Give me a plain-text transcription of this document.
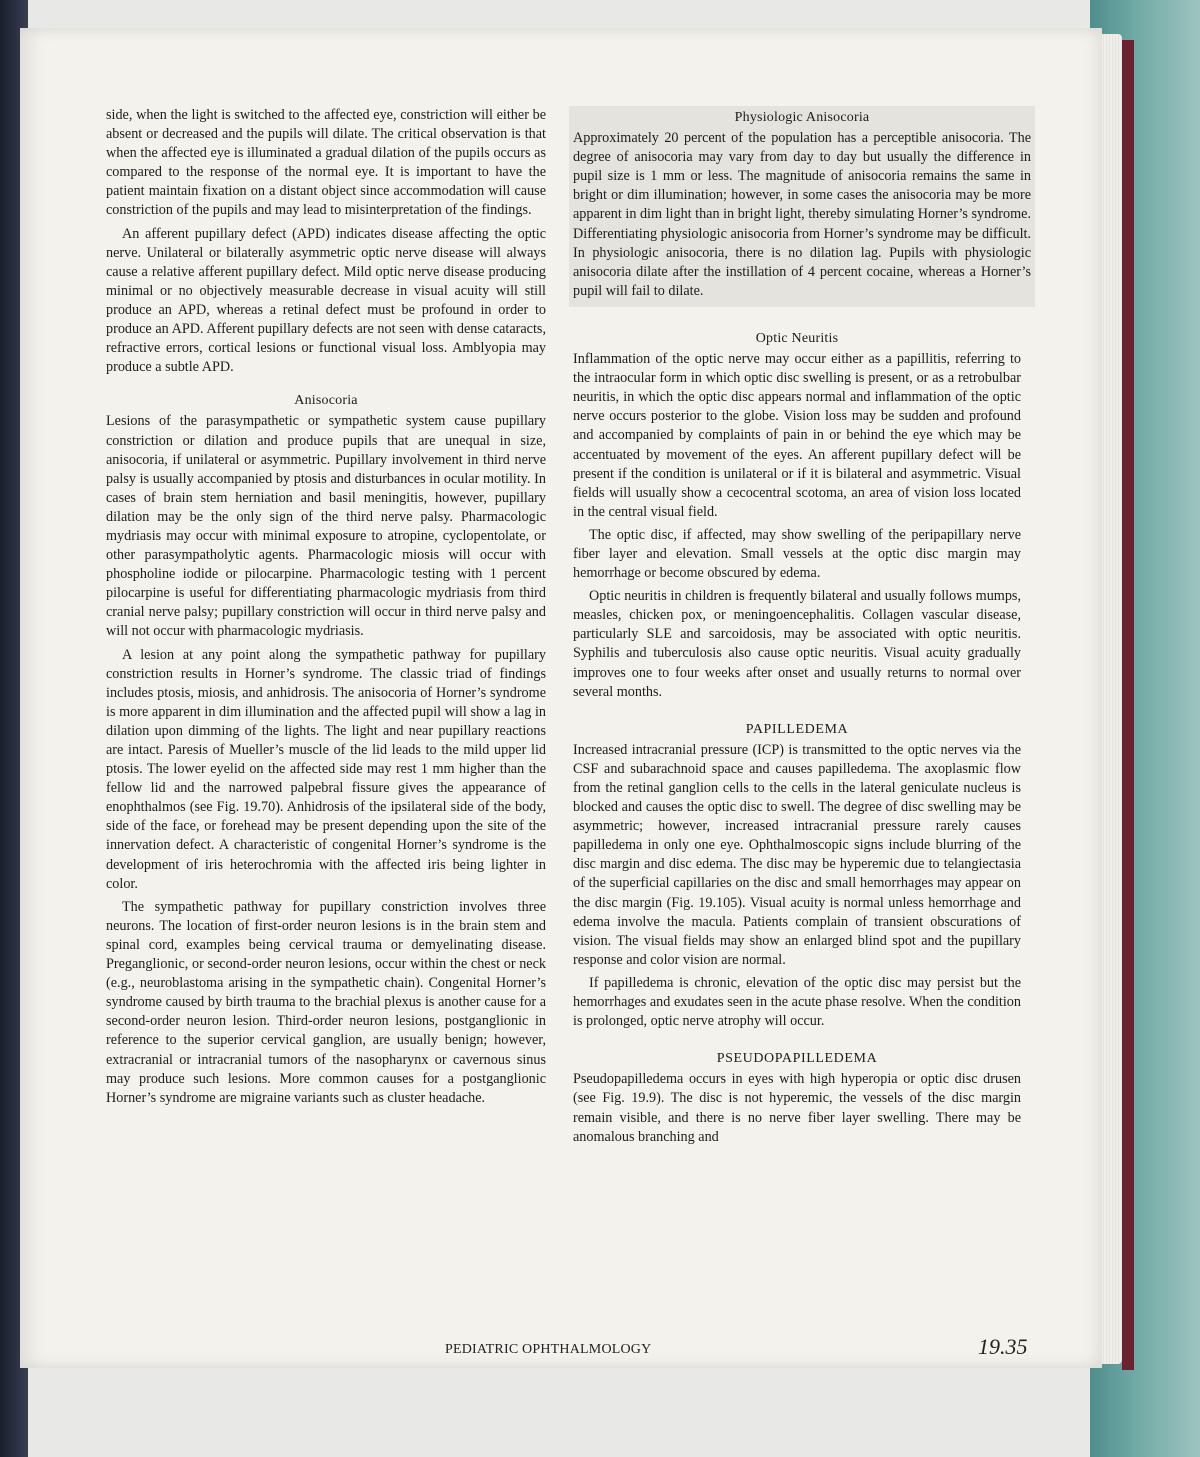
side, when the light is switched to the affected eye, constriction will either be absent or decreased and the pupils will dilate. The critical observation is that when the affected eye is illuminated a gradual dilation of the pupils occurs as compared to the response of the normal eye. It is important to have the patient maintain fixation on a distant object since accommodation will cause constriction of the pupils and may lead to misinterpretation of the findings.

An afferent pupillary defect (APD) indicates disease affecting the optic nerve. Unilateral or bilaterally asymmetric optic nerve disease will always cause a relative afferent pupillary defect. Mild optic nerve disease producing minimal or no objectively measurable decrease in visual acuity will still produce an APD, whereas a retinal defect must be profound in order to produce an APD. Afferent pupillary defects are not seen with dense cataracts, refractive errors, cortical lesions or functional visual loss. Amblyopia may produce a subtle APD.

Anisocoria

Lesions of the parasympathetic or sympathetic system cause pupillary constriction or dilation and produce pupils that are unequal in size, anisocoria, if unilateral or asymmetric. Pupillary involvement in third nerve palsy is usually accompanied by ptosis and disturbances in ocular motility. In cases of brain stem herniation and basil meningitis, however, pupillary dilation may be the only sign of the third nerve palsy. Pharmacologic mydriasis may occur with minimal exposure to atropine, cyclopentolate, or other parasympatholytic agents. Pharmacologic miosis will occur with phospholine iodide or pilocarpine. Pharmacologic testing with 1 percent pilocarpine is useful for differentiating pharmacologic mydriasis from third cranial nerve palsy; pupillary constriction will occur in third nerve palsy and will not occur with pharmacologic mydriasis.

A lesion at any point along the sympathetic pathway for pupillary constriction results in Horner’s syndrome. The classic triad of findings includes ptosis, miosis, and anhidrosis. The anisocoria of Horner’s syndrome is more apparent in dim illumination and the affected pupil will show a lag in dilation upon dimming of the lights. The light and near pupillary reactions are intact. Paresis of Mueller’s muscle of the lid leads to the mild upper lid ptosis. The lower eyelid on the affected side may rest 1 mm higher than the fellow lid and the narrowed palpebral fissure gives the appearance of enophthalmos (see Fig. 19.70). Anhidrosis of the ipsilateral side of the body, side of the face, or forehead may be present depending upon the site of the innervation defect. A characteristic of congenital Horner’s syndrome is the development of iris heterochromia with the affected iris being lighter in color.

The sympathetic pathway for pupillary constriction involves three neurons. The location of first-order neuron lesions is in the brain stem and spinal cord, examples being cervical trauma or demyelinating disease. Preganglionic, or second-order neuron lesions, occur within the chest or neck (e.g., neuroblastoma arising in the sympathetic chain). Congenital Horner’s syndrome caused by birth trauma to the brachial plexus is another cause for a second-order neuron lesion. Third-order neuron lesions, postganglionic in reference to the superior cervical ganglion, are usually benign; however, extracranial or intracranial tumors of the nasopharynx or cavernous sinus may produce such lesions. More common causes for a postganglionic Horner’s syndrome are migraine variants such as cluster headache.

Physiologic Anisocoria

Approximately 20 percent of the population has a perceptible anisocoria. The degree of anisocoria may vary from day to day but usually the difference in pupil size is 1 mm or less. The magnitude of anisocoria remains the same in bright or dim illumination; however, in some cases the anisocoria may be more apparent in dim light than in bright light, thereby simulating Horner’s syndrome. Differentiating physiologic anisocoria from Horner’s syndrome may be difficult. In physiologic anisocoria, there is no dilation lag. Pupils with physiologic anisocoria dilate after the instillation of 4 percent cocaine, whereas a Horner’s pupil will fail to dilate.

Optic Neuritis

Inflammation of the optic nerve may occur either as a papillitis, referring to the intraocular form in which optic disc swelling is present, or as a retrobulbar neuritis, in which the optic disc appears normal and inflammation of the optic nerve occurs posterior to the globe. Vision loss may be sudden and profound and accompanied by complaints of pain in or behind the eye which may be accentuated by movement of the eyes. An afferent pupillary defect will be present if the condition is unilateral or if it is bilateral and asymmetric. Visual fields will usually show a cecocentral scotoma, an area of vision loss located in the central visual field.

The optic disc, if affected, may show swelling of the peripapillary nerve fiber layer and elevation. Small vessels at the optic disc margin may hemorrhage or become obscured by edema.

Optic neuritis in children is frequently bilateral and usually follows mumps, measles, chicken pox, or meningoencephalitis. Collagen vascular disease, particularly SLE and sarcoidosis, may be associated with optic neuritis. Syphilis and tuberculosis also cause optic neuritis. Visual acuity gradually improves one to four weeks after onset and usually returns to normal over several months.

PAPILLEDEMA

Increased intracranial pressure (ICP) is transmitted to the optic nerves via the CSF and subarachnoid space and causes papilledema. The axoplasmic flow from the retinal ganglion cells to the cells in the lateral geniculate nucleus is blocked and causes the optic disc to swell. The degree of disc swelling may be asymmetric; however, increased intracranial pressure rarely causes papilledema in only one eye. Ophthalmoscopic signs include blurring of the disc margin and disc edema. The disc may be hyperemic due to telangiectasia of the superficial capillaries on the disc and small hemorrhages may appear on the disc margin (Fig. 19.105). Visual acuity is normal unless hemorrhage and edema involve the macula. Patients complain of transient obscurations of vision. The visual fields may show an enlarged blind spot and the pupillary response and color vision are normal.

If papilledema is chronic, elevation of the optic disc may persist but the hemorrhages and exudates seen in the acute phase resolve. When the condition is prolonged, optic nerve atrophy will occur.

PSEUDOPAPILLEDEMA

Pseudopapilledema occurs in eyes with high hyperopia or optic disc drusen (see Fig. 19.9). The disc is not hyperemic, the vessels of the disc margin remain visible, and there is no nerve fiber layer swelling. There may be anomalous branching and

PEDIATRIC OPHTHALMOLOGY	19.35
